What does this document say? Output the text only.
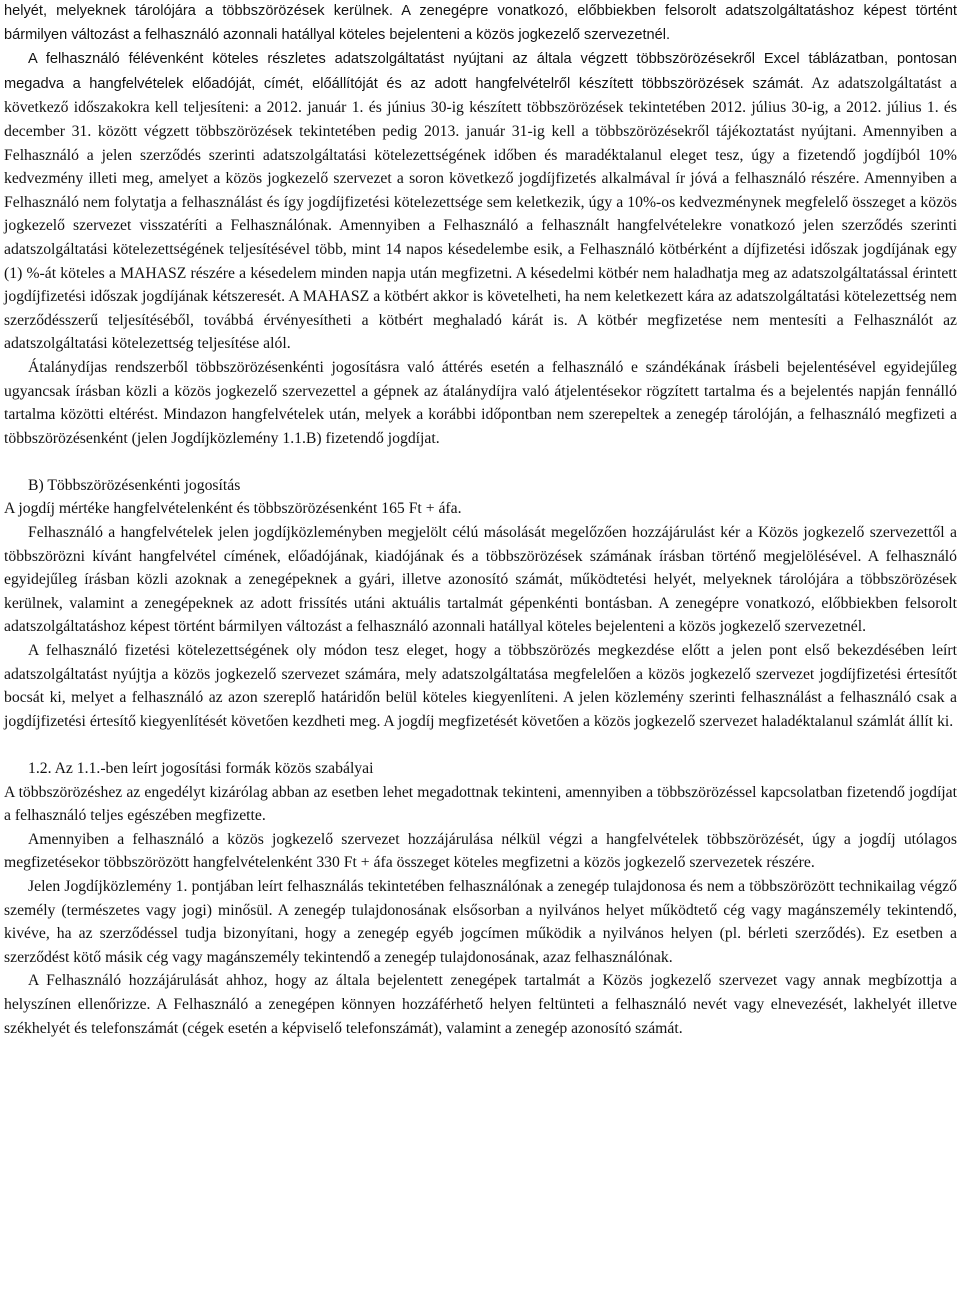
helyét, melyeknek tárolójára a többszörözések kerülnek. A zenegépre vonatkozó, előbbiekben felsorolt adatszolgáltatáshoz képest történt bármilyen változást a felhasználó azonnali hatállyal köteles bejelenteni a közös jogkezelő szervezetnél.

A felhasználó félévenként köteles részletes adatszolgáltatást nyújtani az általa végzett többszörözésekről Excel táblázatban, pontosan megadva a hangfelvételek előadóját, címét, előállítóját és az adott hangfelvételről készített többszörözések számát. Az adatszolgáltatást a következő időszakokra kell teljesíteni: a 2012. január 1. és június 30-ig készített többszörözések tekintetében 2012. július 30-ig, a 2012. július 1. és december 31. között végzett többszörözések tekintetében pedig 2013. január 31-ig kell a többszörözésekről tájékoztatást nyújtani. Amennyiben a Felhasználó a jelen szerződés szerinti adatszolgáltatási kötelezettségének időben és maradéktalanul eleget tesz, úgy a fizetendő jogdíjból 10% kedvezmény illeti meg, amelyet a közös jogkezelő szervezet a soron következő jogdíjfizetés alkalmával ír jóvá a felhasználó részére. Amennyiben a Felhasználó nem folytatja a felhasználást és így jogdíjfizetési kötelezettsége sem keletkezik, úgy a 10%-os kedvezménynek megfelelő összeget a közös jogkezelő szervezet visszatéríti a Felhasználónak. Amennyiben a Felhasználó a felhasznált hangfelvételekre vonatkozó jelen szerződés szerinti adatszolgáltatási kötelezettségének teljesítésével több, mint 14 napos késedelembe esik, a Felhasználó kötbérként a díjfizetési időszak jogdíjának egy (1) %-át köteles a MAHASZ részére a késedelem minden napja után megfizetni. A késedelmi kötbér nem haladhatja meg az adatszolgáltatással érintett jogdíjfizetési időszak jogdíjának kétszeresét. A MAHASZ a kötbért akkor is követelheti, ha nem keletkezett kára az adatszolgáltatási kötelezettség nem szerződésszerű teljesítéséből, továbbá érvényesítheti a kötbért meghaladó kárát is. A kötbér megfizetése nem mentesíti a Felhasználót az adatszolgáltatási kötelezettség teljesítése alól.

Átalánydíjas rendszerből többszörözésenkénti jogosításra való áttérés esetén a felhasználó e szándékának írásbeli bejelentésével egyidejűleg ugyancsak írásban közli a közös jogkezelő szervezettel a gépnek az átalánydíjra való átjelentésekor rögzített tartalma és a bejelentés napján fennálló tartalma közötti eltérést. Mindazon hangfelvételek után, melyek a korábbi időpontban nem szerepeltek a zenegép tárolóján, a felhasználó megfizeti a többszörözésenként (jelen Jogdíjközlemény 1.1.B) fizetendő jogdíjat.

B) Többszörözésenkénti jogosítás

A jogdíj mértéke hangfelvételenként és többszörözésenként 165 Ft + áfa.

Felhasználó a hangfelvételek jelen jogdíjközleményben megjelölt célú másolását megelőzően hozzájárulást kér a Közös jogkezelő szervezettől a többszörözni kívánt hangfelvétel címének, előadójának, kiadójának és a többszörözések számának írásban történő megjelölésével. A felhasználó egyidejűleg írásban közli azoknak a zenegépeknek a gyári, illetve azonosító számát, működtetési helyét, melyeknek tárolójára a többszörözések kerülnek, valamint a zenegépeknek az adott frissítés utáni aktuális tartalmát gépenkénti bontásban. A zenegépre vonatkozó, előbbiekben felsorolt adatszolgáltatáshoz képest történt bármilyen változást a felhasználó azonnali hatállyal köteles bejelenteni a közös jogkezelő szervezetnél.

A felhasználó fizetési kötelezettségének oly módon tesz eleget, hogy a többszörözés megkezdése előtt a jelen pont első bekezdésében leírt adatszolgáltatást nyújtja a közös jogkezelő szervezet számára, mely adatszolgáltatása megfelelően a közös jogkezelő szervezet jogdíjfizetési értesítőt bocsát ki, melyet a felhasználó az azon szereplő határidőn belül köteles kiegyenlíteni. A jelen közlemény szerinti felhasználást a felhasználó csak a jogdíjfizetési értesítő kiegyenlítését követően kezdheti meg. A jogdíj megfizetését követően a közös jogkezelő szervezet haladéktalanul számlát állít ki.

1.2. Az 1.1.-ben leírt jogosítási formák közös szabályai

A többszörözéshez az engedélyt kizárólag abban az esetben lehet megadottnak tekinteni, amennyiben a többszörözéssel kapcsolatban fizetendő jogdíjat a felhasználó teljes egészében megfizette.

Amennyiben a felhasználó a közös jogkezelő szervezet hozzájárulása nélkül végzi a hangfelvételek többszörözését, úgy a jogdíj utólagos megfizetésekor többszörözött hangfelvételenként 330 Ft + áfa összeget köteles megfizetni a közös jogkezelő szervezetek részére.

Jelen Jogdíjközlemény 1. pontjában leírt felhasználás tekintetében felhasználónak a zenegép tulajdonosa és nem a többszörözött technikailag végző személy (természetes vagy jogi) minősül. A zenegép tulajdonosának elsősorban a nyilvános helyet működtető cég vagy magánszemély tekintendő, kivéve, ha az szerződéssel tudja bizonyítani, hogy a zenegép egyéb jogcímen működik a nyilvános helyen (pl. bérleti szerződés). Ez esetben a szerződést kötő másik cég vagy magánszemély tekintendő a zenegép tulajdonosának, azaz felhasználónak.

A Felhasználó hozzájárulását ahhoz, hogy az általa bejelentett zenegépek tartalmát a Közös jogkezelő szervezet vagy annak megbízottja a helyszínen ellenőrizze. A Felhasználó a zenegépen könnyen hozzáférhető helyen feltünteti a felhasználó nevét vagy elnevezését, lakhelyét illetve székhelyét és telefonszámát (cégek esetén a képviselő telefonszámát), valamint a zenegép azonosító számát.
